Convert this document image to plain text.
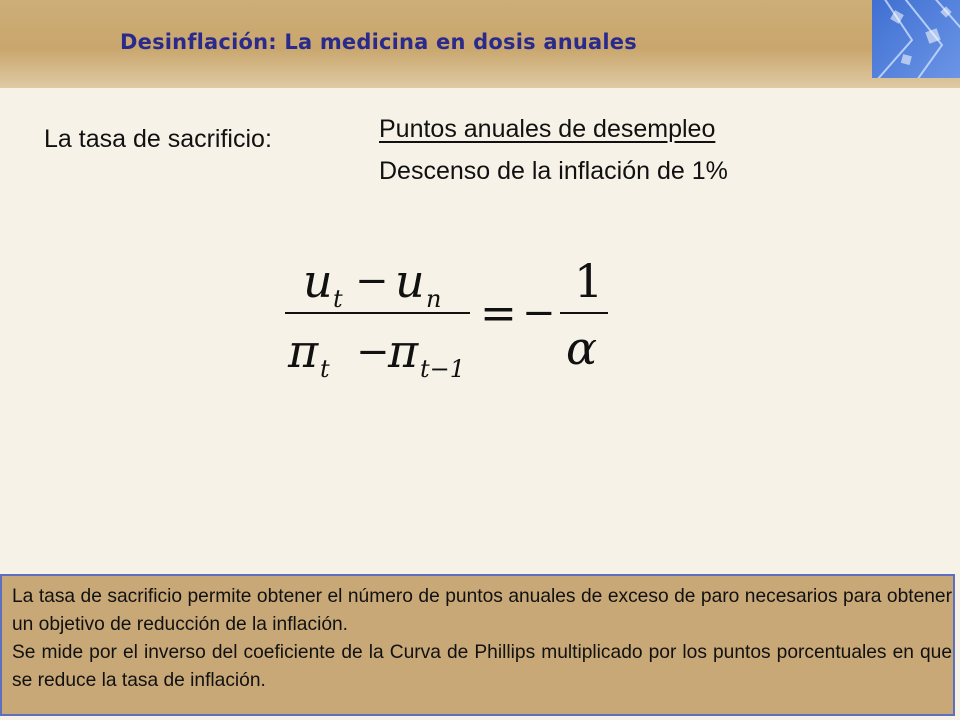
Desinflación: La medicina en dosis anuales
La tasa de sacrificio:	Puntos anuales de desempleo
Descenso de la inflación de 1%
u t − u n
π t −
π t−1
= −
1
α

La tasa de sacrificio permite obtener el número de puntos anuales de exceso de paro necesarios para obtener un objetivo de reducción de la inflación.

Se mide por el inverso del coeficiente de la Curva de Phillips multiplicado por los puntos porcentuales en que se reduce la tasa de inflación.
